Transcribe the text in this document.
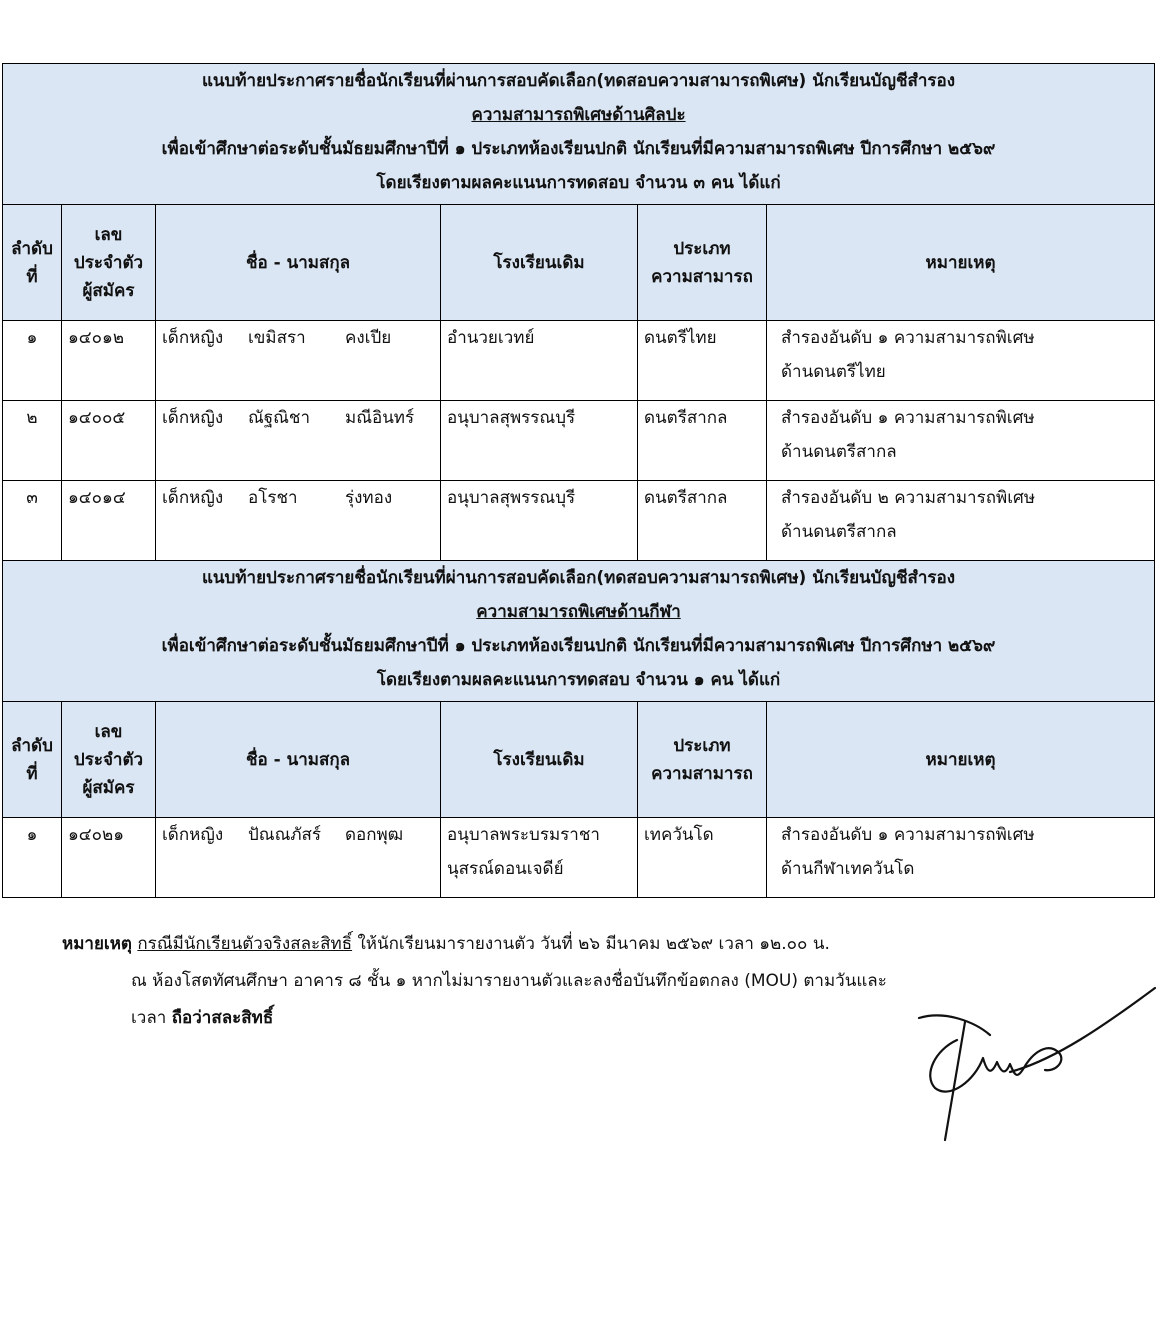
แนบท้ายประกาศรายชื่อนักเรียนที่ผ่านการสอบคัดเลือก(ทดสอบความสามารถพิเศษ) นักเรียนบัญชีสำรอง
ความสามารถพิเศษด้านศิลปะ
เพื่อเข้าศึกษาต่อระดับชั้นมัธยมศึกษาปีที่ ๑ ประเภทห้องเรียนปกติ นักเรียนที่มีความสามารถพิเศษ ปีการศึกษา ๒๕๖๙
โดยเรียงตามผลคะแนนการทดสอบ จำนวน ๓ คน ได้แก่					

ลำดับ
ที่	เลข
ประจำตัว
ผู้สมัคร	ชื่อ - นามสกุล	โรงเรียนเดิม	ประเภท
ความสามารถ	หมายเหตุ
๑	๑๔๐๑๒	เด็กหญิง เขมิสรา คงเปีย	อำนวยเวทย์	ดนตรีไทย	สำรองอันดับ ๑ ความสามารถพิเศษ
ด้านดนตรีไทย
๒	๑๔๐๐๕	เด็กหญิง ณัฐณิชา มณีอินทร์	อนุบาลสุพรรณบุรี	ดนตรีสากล	สำรองอันดับ ๑ ความสามารถพิเศษ
ด้านดนตรีสากล
๓	๑๔๐๑๔	เด็กหญิง อโรชา รุ่งทอง	อนุบาลสุพรรณบุรี	ดนตรีสากล	สำรองอันดับ ๒ ความสามารถพิเศษ
ด้านดนตรีสากล

แนบท้ายประกาศรายชื่อนักเรียนที่ผ่านการสอบคัดเลือก(ทดสอบความสามารถพิเศษ) นักเรียนบัญชีสำรอง
ความสามารถพิเศษด้านกีฬา
เพื่อเข้าศึกษาต่อระดับชั้นมัธยมศึกษาปีที่ ๑ ประเภทห้องเรียนปกติ นักเรียนที่มีความสามารถพิเศษ ปีการศึกษา ๒๕๖๙
โดยเรียงตามผลคะแนนการทดสอบ จำนวน ๑ คน ได้แก่					

ลำดับ
ที่	เลข
ประจำตัว
ผู้สมัคร	ชื่อ - นามสกุล	โรงเรียนเดิม	ประเภท
ความสามารถ	หมายเหตุ
๑	๑๔๐๒๑	เด็กหญิง ปัณณภัสร์ ดอกพุฒ	อนุบาลพระบรมราชา
นุสรณ์ดอนเจดีย์	เทควันโด	สำรองอันดับ ๑ ความสามารถพิเศษ
ด้านกีฬาเทควันโด
หมายเหตุ กรณีมีนักเรียนตัวจริงสละสิทธิ์ ให้นักเรียนมารายงานตัว วันที่ ๒๖ มีนาคม ๒๕๖๙ เวลา ๑๒.๐๐ น.
ณ ห้องโสตทัศนศึกษา อาคาร ๘ ชั้น ๑ หากไม่มารายงานตัวและลงชื่อบันทึกข้อตกลง (MOU) ตามวันและ
เวลา ถือว่าสละสิทธิ์
